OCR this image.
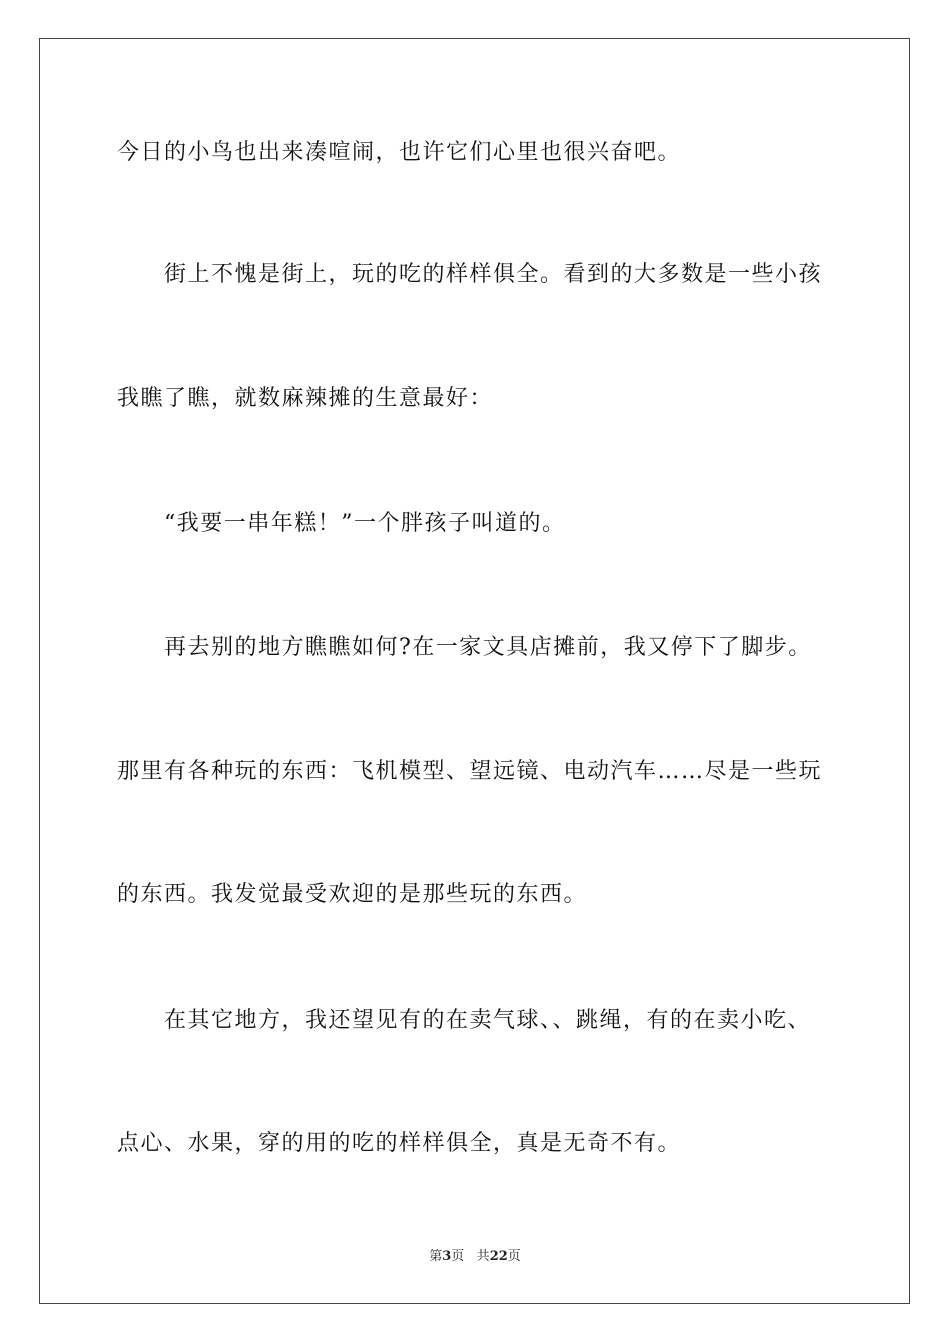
今日的小鸟也出来凑喧闹，也许它们心里也很兴奋吧。
　　街上不愧是街上，玩的吃的样样俱全。看到的大多数是一些小孩
我瞧了瞧，就数麻辣摊的生意最好：
　　“我要一串年糕！”一个胖孩子叫道的。
　　再去别的地方瞧瞧如何?在一家文具店摊前，我又停下了脚步。
那里有各种玩的东西：飞机模型、望远镜、电动汽车……尽是一些玩
的东西。我发觉最受欢迎的是那些玩的东西。
　　在其它地方，我还望见有的在卖气球、、跳绳，有的在卖小吃、
点心、水果，穿的用的吃的样样俱全，真是无奇不有。
第3页 共22页
